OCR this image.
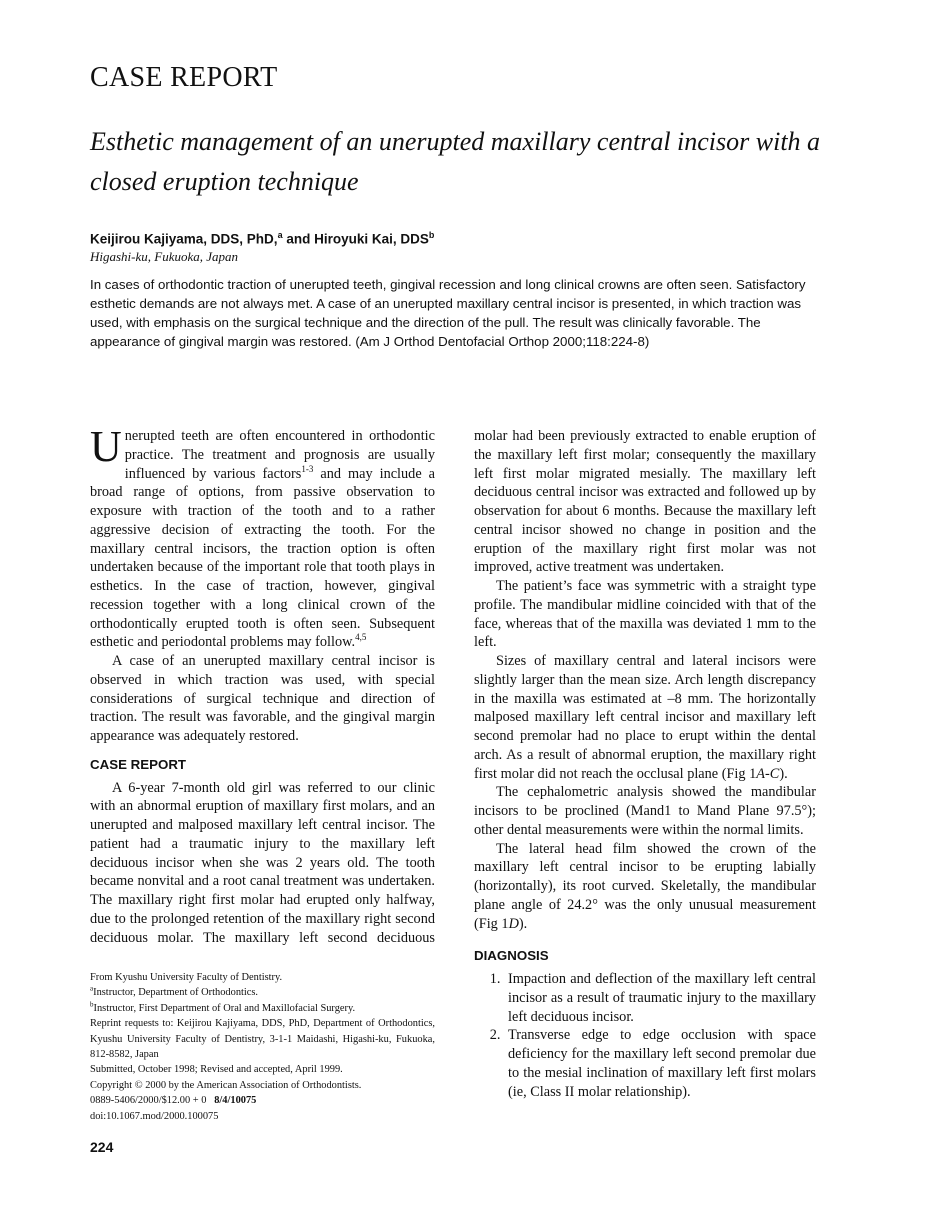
CASE REPORT
Esthetic management of an unerupted maxillary central incisor with a closed eruption technique
Keijirou Kajiyama, DDS, PhD,$^a$ and Hiroyuki Kai, DDS$^b$
Higashi-ku, Fukuoka, Japan
In cases of orthodontic traction of unerupted teeth, gingival recession and long clinical crowns are often seen. Satisfactory esthetic demands are not always met. A case of an unerupted maxillary central incisor is presented, in which traction was used, with emphasis on the surgical technique and the direction of the pull. The result was clinically favorable. The appearance of gingival margin was restored. (Am J Orthod Dentofacial Orthop 2000;118:224-8)

Unerupted teeth are often encountered in orthodontic practice. The treatment and prognosis are usually influenced by various factors$^{1-3}$ and may include a broad range of options, from passive observation to exposure with traction of the tooth and to a rather aggressive decision of extracting the tooth. For the maxillary central incisors, the traction option is often undertaken because of the important role that tooth plays in esthetics. In the case of traction, however, gingival recession together with a long clinical crown of the orthodontically erupted tooth is often seen. Subsequent esthetic and periodontal problems may follow.$^{4,5}$

A case of an unerupted maxillary central incisor is observed in which traction was used, with special considerations of surgical technique and direction of traction. The result was favorable, and the gingival margin appearance was adequately restored.

CASE REPORT

A 6-year 7-month old girl was referred to our clinic with an abnormal eruption of maxillary first molars, and an unerupted and malposed maxillary left central incisor. The patient had a traumatic injury to the maxillary left deciduous incisor when she was 2 years old. The tooth became nonvital and a root canal treatment was undertaken. The maxillary right first molar had erupted only halfway, due to the prolonged retention of the maxillary right second deciduous molar. The maxillary left second deciduous

molar had been previously extracted to enable eruption of the maxillary left first molar; consequently the maxillary left first molar migrated mesially. The maxillary left deciduous central incisor was extracted and followed up by observation for about 6 months. Because the maxillary left central incisor showed no change in position and the eruption of the maxillary right first molar was not improved, active treatment was undertaken.

The patient’s face was symmetric with a straight type profile. The mandibular midline coincided with that of the face, whereas that of the maxilla was deviated 1 mm to the left.

Sizes of maxillary central and lateral incisors were slightly larger than the mean size. Arch length discrepancy in the maxilla was estimated at –8 mm. The horizontally malposed maxillary left central incisor and maxillary left second premolar had no place to erupt within the dental arch. As a result of abnormal eruption, the maxillary right first molar did not reach the occlusal plane (Fig 1A-C).

The cephalometric analysis showed the mandibular incisors to be proclined (Mand1 to Mand Plane 97.5°); other dental measurements were within the normal limits.

The lateral head film showed the crown of the maxillary left central incisor to be erupting labially (horizontally), its root curved. Skeletally, the mandibular plane angle of 24.2° was the only unusual measurement (Fig 1D).

DIAGNOSIS
1. Impaction and deflection of the maxillary left central incisor as a result of traumatic injury to the maxillary left deciduous incisor.
2. Transverse edge to edge occlusion with space deficiency for the maxillary left second premolar due to the mesial inclination of maxillary left first molars (ie, Class II molar relationship).
From Kyushu University Faculty of Dentistry.
$^a$Instructor, Department of Orthodontics.
$^b$Instructor, First Department of Oral and Maxillofacial Surgery.
Reprint requests to: Keijirou Kajiyama, DDS, PhD, Department of Orthodontics, Kyushu University Faculty of Dentistry, 3-1-1 Maidashi, Higashi-ku, Fukuoka, 812-8582, Japan
Submitted, October 1998; Revised and accepted, April 1999.
Copyright © 2000 by the American Association of Orthodontists.
0889-5406/2000/$12.00 + 0 8/4/10075
doi:10.1067.mod/2000.100075
224
